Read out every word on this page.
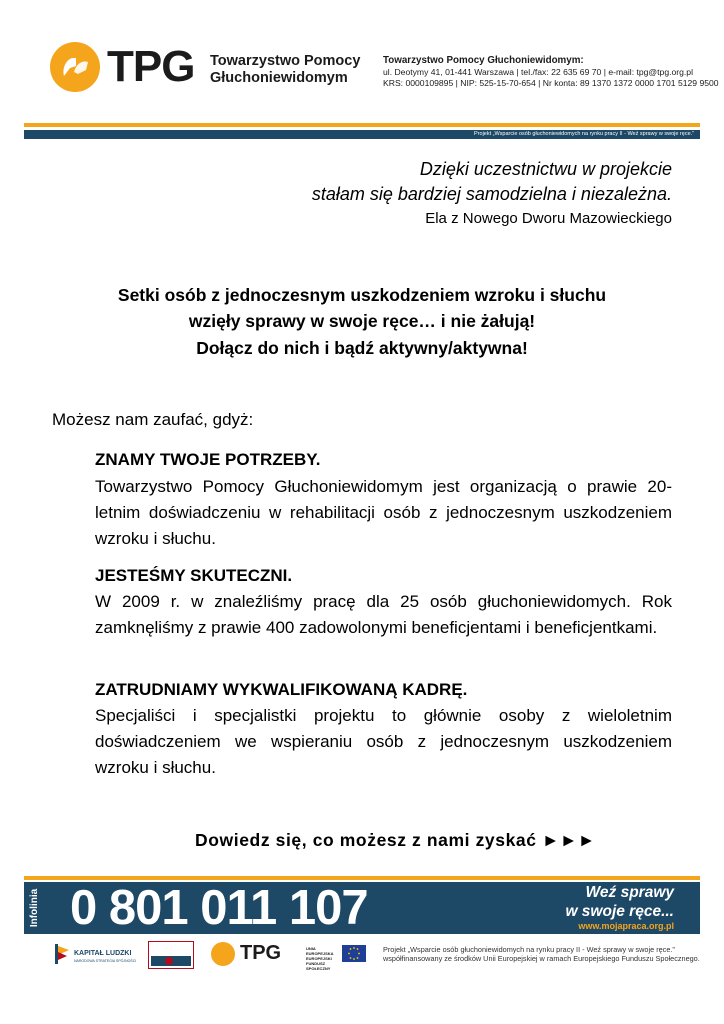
TPG Towarzystwo Pomocy
Głuchoniewidomym
Towarzystwo Pomocy Głuchoniewidomym:
ul. Deotymy 41, 01-441 Warszawa | tel./fax: 22 635 69 70 | e-mail: tpg@tpg.org.pl
KRS: 0000109895 | NIP: 525-15-70-654 | Nr konta: 89 1370 1372 0000 1701 5129 9500
Projekt „Wsparcie osób głuchoniewidomych na rynku pracy II - Weź sprawy w swoje ręce.”
Dzięki uczestnictwu w projekcie
stałam się bardziej samodzielna i niezależna.
Ela z Nowego Dworu Mazowieckiego
Setki osób z jednoczesnym uszkodzeniem wzroku i słuchu
wzięły sprawy w swoje ręce… i nie żałują!
Dołącz do nich i bądź aktywny/aktywna!
Możesz nam zaufać, gdyż:
ZNAMY TWOJE POTRZEBY.
Towarzystwo Pomocy Głuchoniewidomym jest organizacją o prawie 20-letnim doświadczeniu w rehabilitacji osób z jednoczesnym uszkodzeniem wzroku i słuchu.
JESTEŚMY SKUTECZNI.
W 2009 r. w znaleźliśmy pracę dla 25 osób głuchoniewidomych. Rok zamknęliśmy z prawie 400 zadowolonymi beneficjentami i beneficjentkami.
ZATRUDNIAMY WYKWALIFIKOWANĄ KADRĘ.
Specjaliści i specjalistki projektu to głównie osoby z wieloletnim doświadczeniem we wspieraniu osób z jednoczesnym uszkodzeniem wzroku i słuchu.
Dowiedz się, co możesz z nami zyskać ►►►
Infolinia 0 801 011 107	Weź sprawy
w swoje ręce...
www.mojapraca.org.pl
KAPITAŁ LUDZKI
NARODOWA STRATEGIA SPÓJNOŚCI	TPG	UNIA EUROPEJSKA EUROPEJSKI FUNDUSZ SPOŁECZNY
Projekt „Wsparcie osób głuchoniewidomych na rynku pracy II - Weź sprawy w swoje ręce.”
współfinansowany ze środków Unii Europejskiej w ramach Europejskiego Funduszu Społecznego.
